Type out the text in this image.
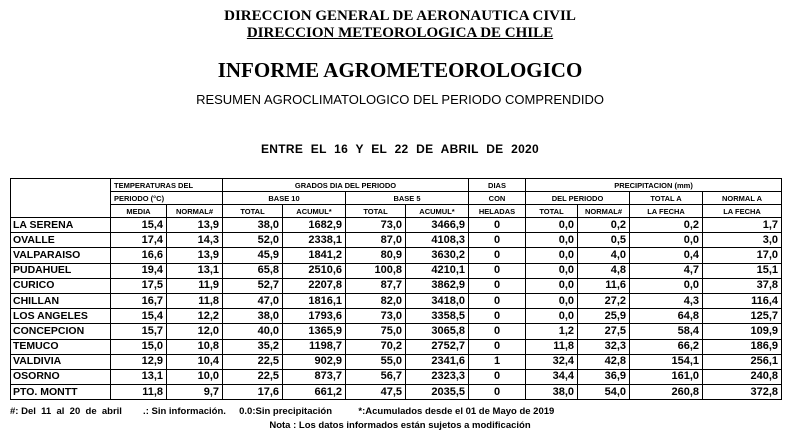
DIRECCION GENERAL DE AERONAUTICA CIVIL
DIRECCION METEOROLOGICA DE CHILE
INFORME AGROMETEOROLOGICO
RESUMEN AGROCLIMATOLOGICO DEL PERIODO COMPRENDIDO
ENTRE EL 16 Y EL 22 DE ABRIL DE 2020
	TEMPERATURAS DEL		GRADOS DIA DEL PERIODO				DIAS	PRECIPITACION (mm)			
	PERIODO (°C)		BASE 10		BASE 5		CON	DEL PERIODO		TOTAL A	NORMAL A
	MEDIA	NORMAL#	TOTAL	ACUMUL*	TOTAL	ACUMUL*	HELADAS	TOTAL	NORMAL#	LA FECHA	LA FECHA
LA SERENA	15,4	13,9	38,0	1682,9	73,0	3466,9	0	0,0	0,2	0,2	1,7
OVALLE	17,4	14,3	52,0	2338,1	87,0	4108,3	0	0,0	0,5	0,0	3,0
VALPARAISO	16,6	13,9	45,9	1841,2	80,9	3630,2	0	0,0	4,0	0,4	17,0
PUDAHUEL	19,4	13,1	65,8	2510,6	100,8	4210,1	0	0,0	4,8	4,7	15,1
CURICO	17,5	11,9	52,7	2207,8	87,7	3862,9	0	0,0	11,6	0,0	37,8
CHILLAN	16,7	11,8	47,0	1816,1	82,0	3418,0	0	0,0	27,2	4,3	116,4
LOS ANGELES	15,4	12,2	38,0	1793,6	73,0	3358,5	0	0,0	25,9	64,8	125,7
CONCEPCION	15,7	12,0	40,0	1365,9	75,0	3065,8	0	1,2	27,5	58,4	109,9
TEMUCO	15,0	10,8	35,2	1198,7	70,2	2752,7	0	11,8	32,3	66,2	186,9
VALDIVIA	12,9	10,4	22,5	902,9	55,0	2341,6	1	32,4	42,8	154,1	256,1
OSORNO	13,1	10,0	22,5	873,7	56,7	2323,3	0	34,4	36,9	161,0	240,8
PTO. MONTT	11,8	9,7	17,6	661,2	47,5	2035,5	0	38,0	54,0	260,8	372,8
#: Del  11  al  20  de  abril        .: Sin información.     0.0:Sin precipitación          *:Acumulados desde el 01 de Mayo de 2019
Nota : Los datos informados están sujetos a modificación
